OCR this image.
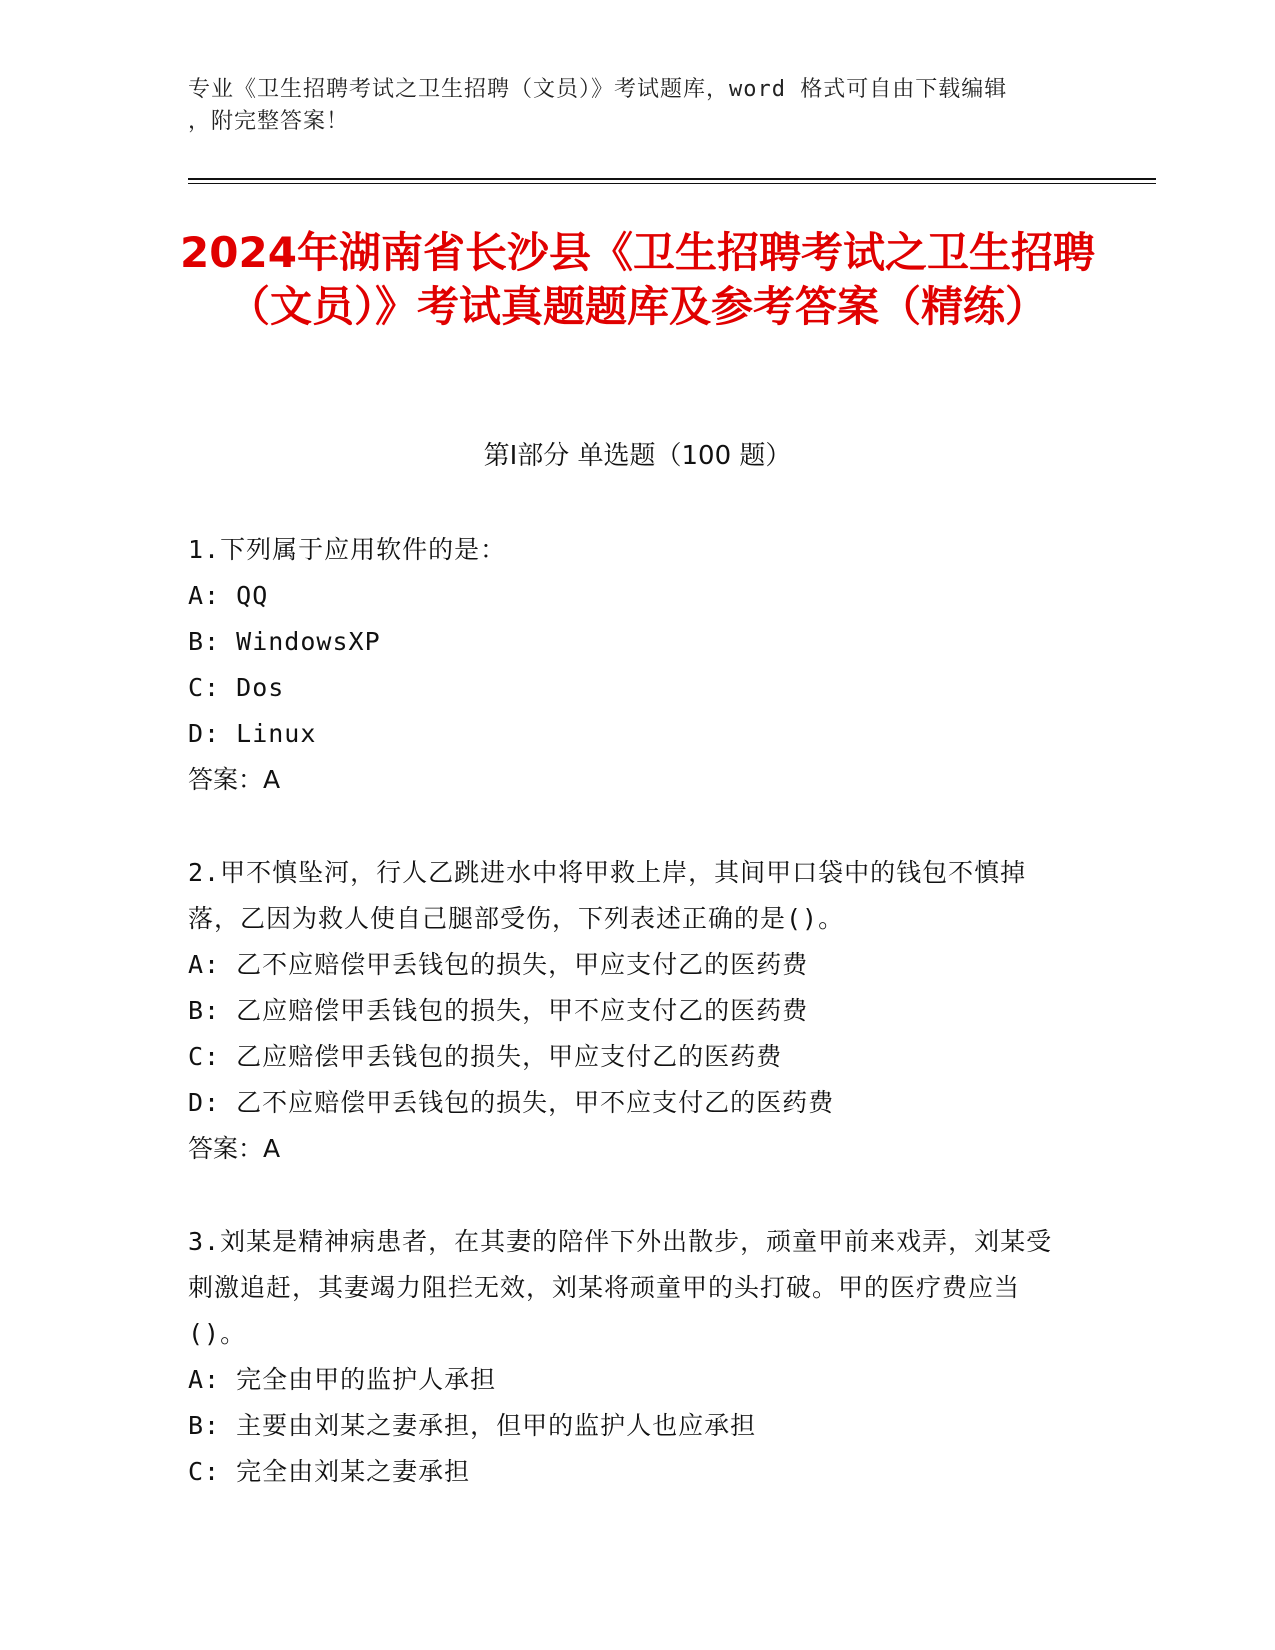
专业《卫生招聘考试之卫生招聘（文员）》考试题库，word 格式可自由下载编辑
，附完整答案！
2024年湖南省长沙县《卫生招聘考试之卫生招聘（文员）》考试真题题库及参考答案（精练）
第Ⅰ部分 单选题（100 题）
1.下列属于应用软件的是：
A: QQ
B: WindowsXP
C: Dos
D: Linux
答案：A
2.甲不慎坠河，行人乙跳进水中将甲救上岸，其间甲口袋中的钱包不慎掉落，乙因为救人使自己腿部受伤，下列表述正确的是()。
A: 乙不应赔偿甲丢钱包的损失，甲应支付乙的医药费
B: 乙应赔偿甲丢钱包的损失，甲不应支付乙的医药费
C: 乙应赔偿甲丢钱包的损失，甲应支付乙的医药费
D: 乙不应赔偿甲丢钱包的损失，甲不应支付乙的医药费
答案：A
3.刘某是精神病患者，在其妻的陪伴下外出散步，顽童甲前来戏弄，刘某受刺激追赶，其妻竭力阻拦无效，刘某将顽童甲的头打破。甲的医疗费应当()。
A: 完全由甲的监护人承担
B: 主要由刘某之妻承担，但甲的监护人也应承担
C: 完全由刘某之妻承担
